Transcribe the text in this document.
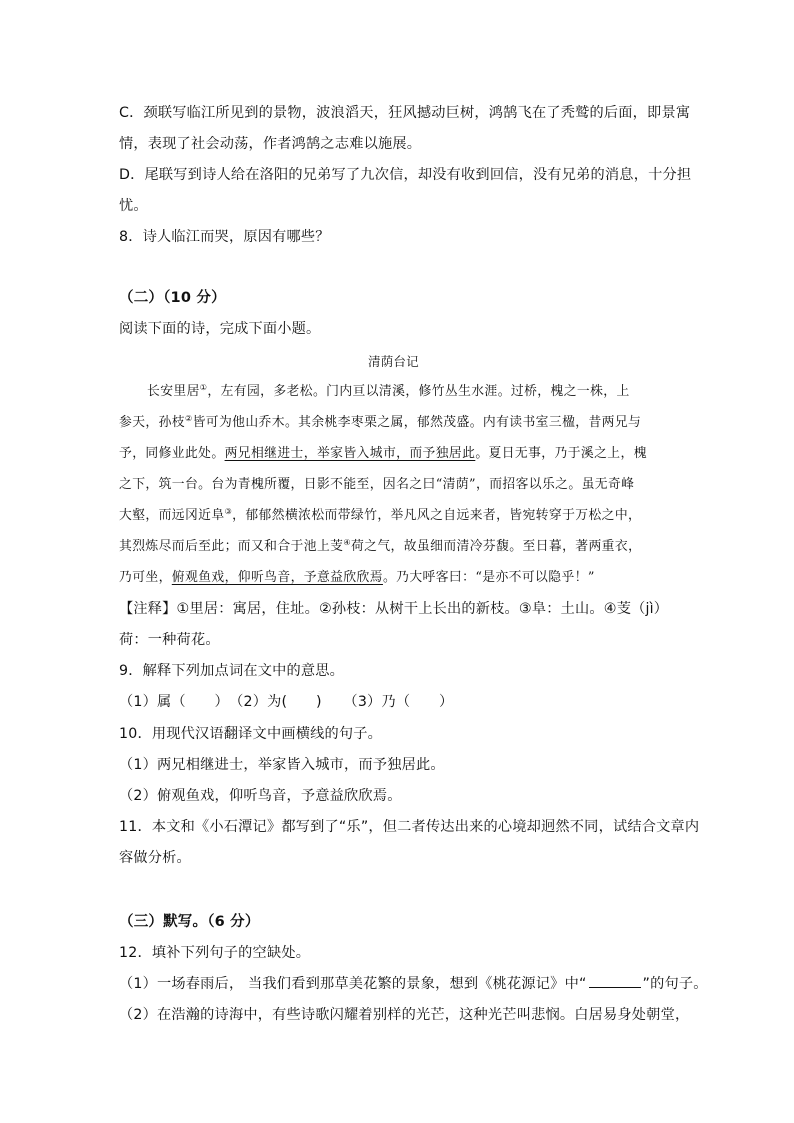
C．颈联写临江所见到的景物，波浪滔天，狂风撼动巨树，鸿鹄飞在了秃鹫的后面，即景寓
情，表现了社会动荡，作者鸿鹄之志难以施展。
D．尾联写到诗人给在洛阳的兄弟写了九次信，却没有收到回信，没有兄弟的消息，十分担
忧。
8．诗人临江而哭，原因有哪些？
（二）（10 分）
阅读下面的诗，完成下面小题。
清荫台记
长安里居①，左有园，多老松。门内亘以清溪，修竹丛生水涯。过桥，槐之一株，上
参天，孙枝②皆可为他山乔木。其余桃李枣栗之属，郁然茂盛。内有读书室三楹，昔两兄与
予，同修业此处。两兄相继进士，举家皆入城市，而予独居此。夏日无事，乃于溪之上，槐
之下，筑一台。台为青槐所覆，日影不能至，因名之曰“清荫”，而招客以乐之。虽无奇峰
大壑，而远冈近阜③，郁郁然横浓松而带绿竹，举凡风之自远来者，皆宛转穿于万松之中，
其烈炼尽而后至此；而又和合于池上芰④荷之气，故虽细而清冷芬馥。至日暮，著两重衣，
乃可坐，俯观鱼戏，仰听鸟音，予意益欣欣焉。乃大呼客曰：“是亦不可以隐乎！”
【注释】①里居：寓居，住址。②孙枝：从树干上长出的新枝。③阜：土山。④芰（jì）
荷：一种荷花。
9．解释下列加点词在文中的意思。
（1）属（　　）　（2）为(　　)　　（3）乃（　　）
10．用现代汉语翻译文中画横线的句子。
（1）两兄相继进士，举家皆入城市，而予独居此。
（2）俯观鱼戏，仰听鸟音，予意益欣欣焉。
11．本文和《小石潭记》都写到了“乐”，但二者传达出来的心境却迥然不同，试结合文章内
容做分析。
（三）默写。（6 分）
12．填补下列句子的空缺处。
（1）一场春雨后， 当我们看到那草美花繁的景象，想到《桃花源记》中“	”的句子。
（2）在浩瀚的诗海中，有些诗歌闪耀着别样的光芒，这种光芒叫悲悯。白居易身处朝堂，
